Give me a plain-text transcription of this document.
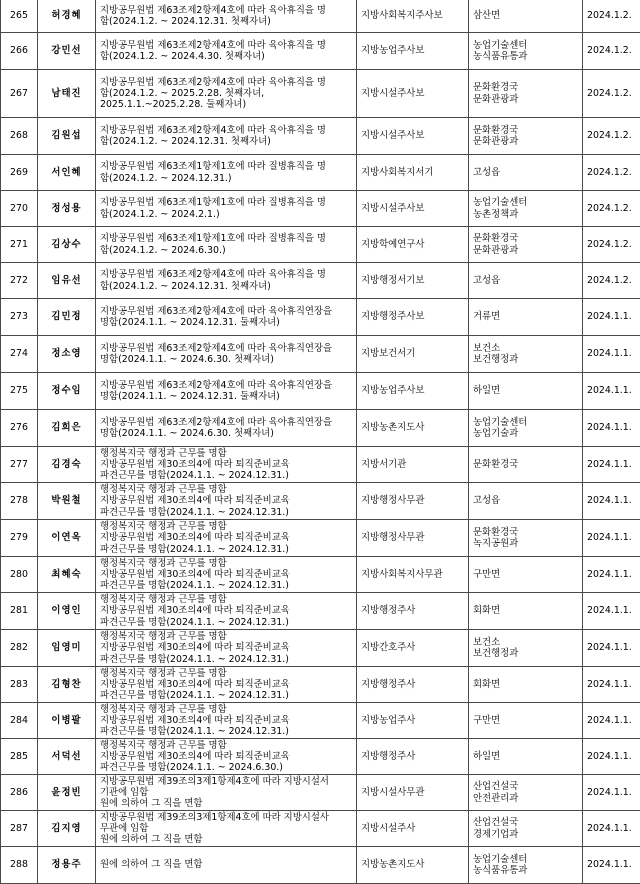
265	허경혜	지방공무원법 제63조제2항제4호에 따라 육아휴직을 명
함(2024.1.2. ~ 2024.12.31. 첫째자녀)	지방사회복지주사보	삼산면	2024.1.2.
266	강민선	지방공무원법 제63조제2항제4호에 따라 육아휴직을 명
함(2024.1.2. ~ 2024.4.30. 첫째자녀)	지방농업주사보	농업기술센터
농식품유통과	2024.1.2.
267	남태진	지방공무원법 제63조제2항제4호에 따라 육아휴직을 명
함(2024.1.2. ~ 2025.2.28. 첫째자녀,
2025.1.1.~2025.2.28. 둘째자녀)	지방시설주사보	문화환경국
문화관광과	2024.1.2.
268	김원섭	지방공무원법 제63조제2항제4호에 따라 육아휴직을 명
함(2024.1.2. ~ 2024.12.31. 첫째자녀)	지방시설주사보	문화환경국
문화관광과	2024.1.2.
269	서인혜	지방공무원법 제63조제1항제1호에 따라 질병휴직을 명
함(2024.1.2. ~ 2024.12.31.)	지방사회복지서기	고성읍	2024.1.2.
270	정성용	지방공무원법 제63조제1항제1호에 따라 질병휴직을 명
함(2024.1.2. ~ 2024.2.1.)	지방시설주사보	농업기술센터
농촌정책과	2024.1.2.
271	김상수	지방공무원법 제63조제1항제1호에 따라 질병휴직을 명
함(2024.1.2. ~ 2024.6.30.)	지방학예연구사	문화환경국
문화관광과	2024.1.2.
272	임유선	지방공무원법 제63조제2항제4호에 따라 육아휴직을 명
함(2024.1.2. ~ 2024.12.31. 첫째자녀)	지방행정서기보	고성읍	2024.1.2.
273	김민정	지방공무원법 제63조제2항제4호에 따라 육아휴직연장을
명함(2024.1.1. ~ 2024.12.31. 둘째자녀)	지방행정주사보	거류면	2024.1.1.
274	정소영	지방공무원법 제63조제2항제4호에 따라 육아휴직연장을
명함(2024.1.1. ~ 2024.6.30. 첫째자녀)	지방보건서기	보건소
보건행정과	2024.1.1.
275	정수임	지방공무원법 제63조제2항제4호에 따라 육아휴직연장을
명함(2024.1.1. ~ 2024.12.31. 둘째자녀)	지방농업주사보	하일면	2024.1.1.
276	김희은	지방공무원법 제63조제2항제4호에 따라 육아휴직연장을
명함(2024.1.1. ~ 2024.6.30. 첫째자녀)	지방농촌지도사	농업기술센터
농업기술과	2024.1.1.
277	김경숙	행정복지국 행정과 근무를 명함
지방공무원법 제30조의4에 따라 퇴직준비교육
파견근무를 명함(2024.1.1. ~ 2024.12.31.)	지방서기관	문화환경국	2024.1.1.
278	박원철	행정복지국 행정과 근무를 명함
지방공무원법 제30조의4에 따라 퇴직준비교육
파견근무를 명함(2024.1.1. ~ 2024.12.31.)	지방행정사무관	고성읍	2024.1.1.
279	이연옥	행정복지국 행정과 근무를 명함
지방공무원법 제30조의4에 따라 퇴직준비교육
파견근무를 명함(2024.1.1. ~ 2024.12.31.)	지방행정사무관	문화환경국
녹지공원과	2024.1.1.
280	최혜숙	행정복지국 행정과 근무를 명함
지방공무원법 제30조의4에 따라 퇴직준비교육
파견근무를 명함(2024.1.1. ~ 2024.12.31.)	지방사회복지사무관	구만면	2024.1.1.
281	이영인	행정복지국 행정과 근무를 명함
지방공무원법 제30조의4에 따라 퇴직준비교육
파견근무를 명함(2024.1.1. ~ 2024.12.31.)	지방행정주사	회화면	2024.1.1.
282	임영미	행정복지국 행정과 근무를 명함
지방공무원법 제30조의4에 따라 퇴직준비교육
파견근무를 명함(2024.1.1. ~ 2024.12.31.)	지방간호주사	보건소
보건행정과	2024.1.1.
283	김형찬	행정복지국 행정과 근무를 명함
지방공무원법 제30조의4에 따라 퇴직준비교육
파견근무를 명함(2024.1.1. ~ 2024.12.31.)	지방행정주사	회화면	2024.1.1.
284	이병팔	행정복지국 행정과 근무를 명함
지방공무원법 제30조의4에 따라 퇴직준비교육
파견근무를 명함(2024.1.1. ~ 2024.12.31.)	지방농업주사	구만면	2024.1.1.
285	서덕선	행정복지국 행정과 근무를 명함
지방공무원법 제30조의4에 따라 퇴직준비교육
파견근무를 명함(2024.1.1. ~ 2024.6.30.)	지방행정주사	하일면	2024.1.1.
286	윤정빈	지방공무원법 제39조의3제1항제4호에 따라 지방시설서
기관에 임함
원에 의하여 그 직을 면함	지방시설사무관	산업건설국
안전관리과	2024.1.1.
287	김지영	지방공무원법 제39조의3제1항제4호에 따라 지방시설사
무관에 임함
원에 의하여 그 직을 면함	지방시설주사	산업건설국
경제기업과	2024.1.1.
288	정용주	원에 의하여 그 직을 면함	지방농촌지도사	농업기술센터
농식품유통과	2024.1.1.
